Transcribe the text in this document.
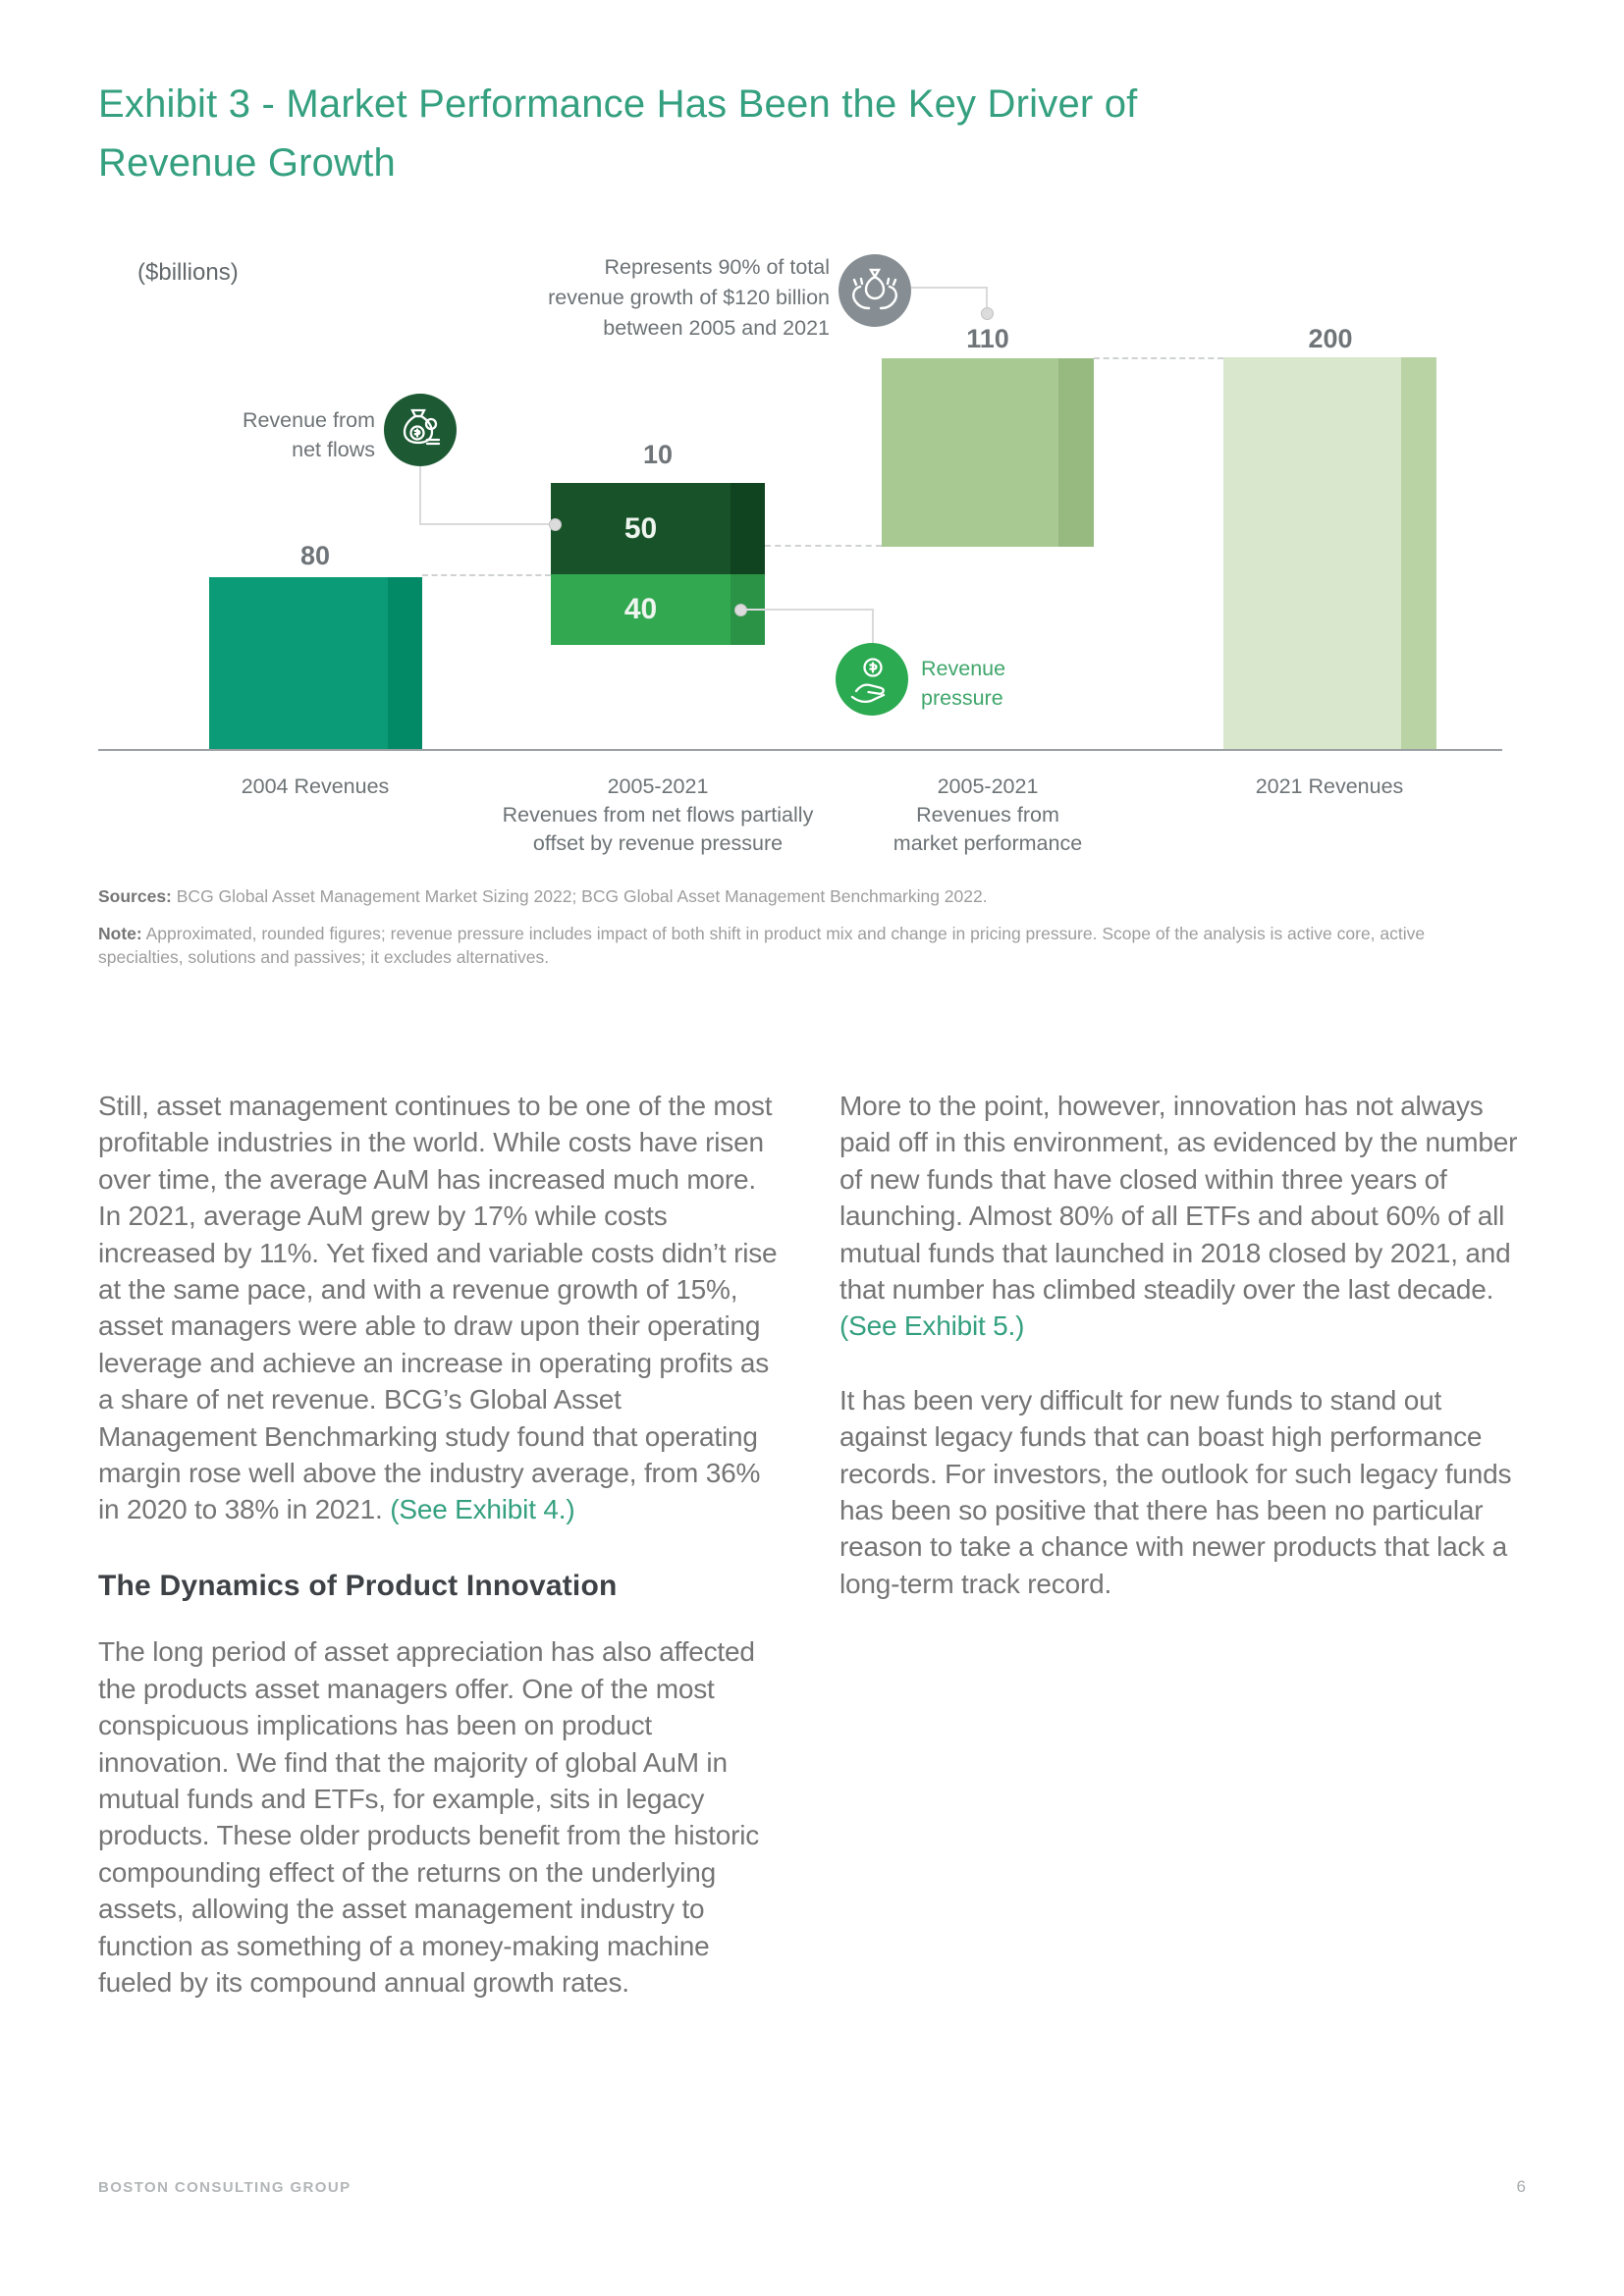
Exhibit 3 - Market Performance Has Been the Key Driver of
Revenue Growth
($billions)	Represents 90% of total
revenue growth of $120 billion
between 2005 and 2021
80
10
110	200
50
40
Revenue from
net flows
Revenue
pressure
2004 Revenues	2005-2021
Revenues from net flows partially
offset by revenue pressure
2005-2021
Revenues from
market performance
2021 Revenues
Sources: BCG Global Asset Management Market Sizing 2022; BCG Global Asset Management Benchmarking 2022.
Note: Approximated, rounded figures; revenue pressure includes impact of both shift in product mix and change in pricing pressure. Scope of the analysis is active core, active specialties, solutions and passives; it excludes alternatives.

Still, asset management continues to be one of the most profitable industries in the world. While costs have risen over time, the average AuM has increased much more. In 2021, average AuM grew by 17% while costs increased by 11%. Yet fixed and variable costs didn’t rise at the same pace, and with a revenue growth of 15%, asset managers were able to draw upon their operating leverage and achieve an increase in operating profits as a share of net revenue. BCG’s Global Asset Management Benchmarking study found that operating margin rose well above the industry average, from 36% in 2020 to 38% in 2021. (See Exhibit 4.)

The Dynamics of Product Innovation

The long period of asset appreciation has also affected the products asset managers offer. One of the most conspicuous implications has been on product innovation. We find that the majority of global AuM in mutual funds and ETFs, for example, sits in legacy products. These older products benefit from the historic compounding effect of the returns on the underlying assets, allowing the asset management industry to function as something of a money-making machine fueled by its compound annual growth rates.

More to the point, however, innovation has not always paid off in this environment, as evidenced by the number of new funds that have closed within three years of launching. Almost 80% of all ETFs and about 60% of all mutual funds that launched in 2018 closed by 2021, and that number has climbed steadily over the last decade. (See Exhibit 5.)

It has been very difficult for new funds to stand out against legacy funds that can boast high performance records. For investors, the outlook for such legacy funds has been so positive that there has been no particular reason to take a chance with newer products that lack a long-term track record.

BOSTON CONSULTING GROUP	6
